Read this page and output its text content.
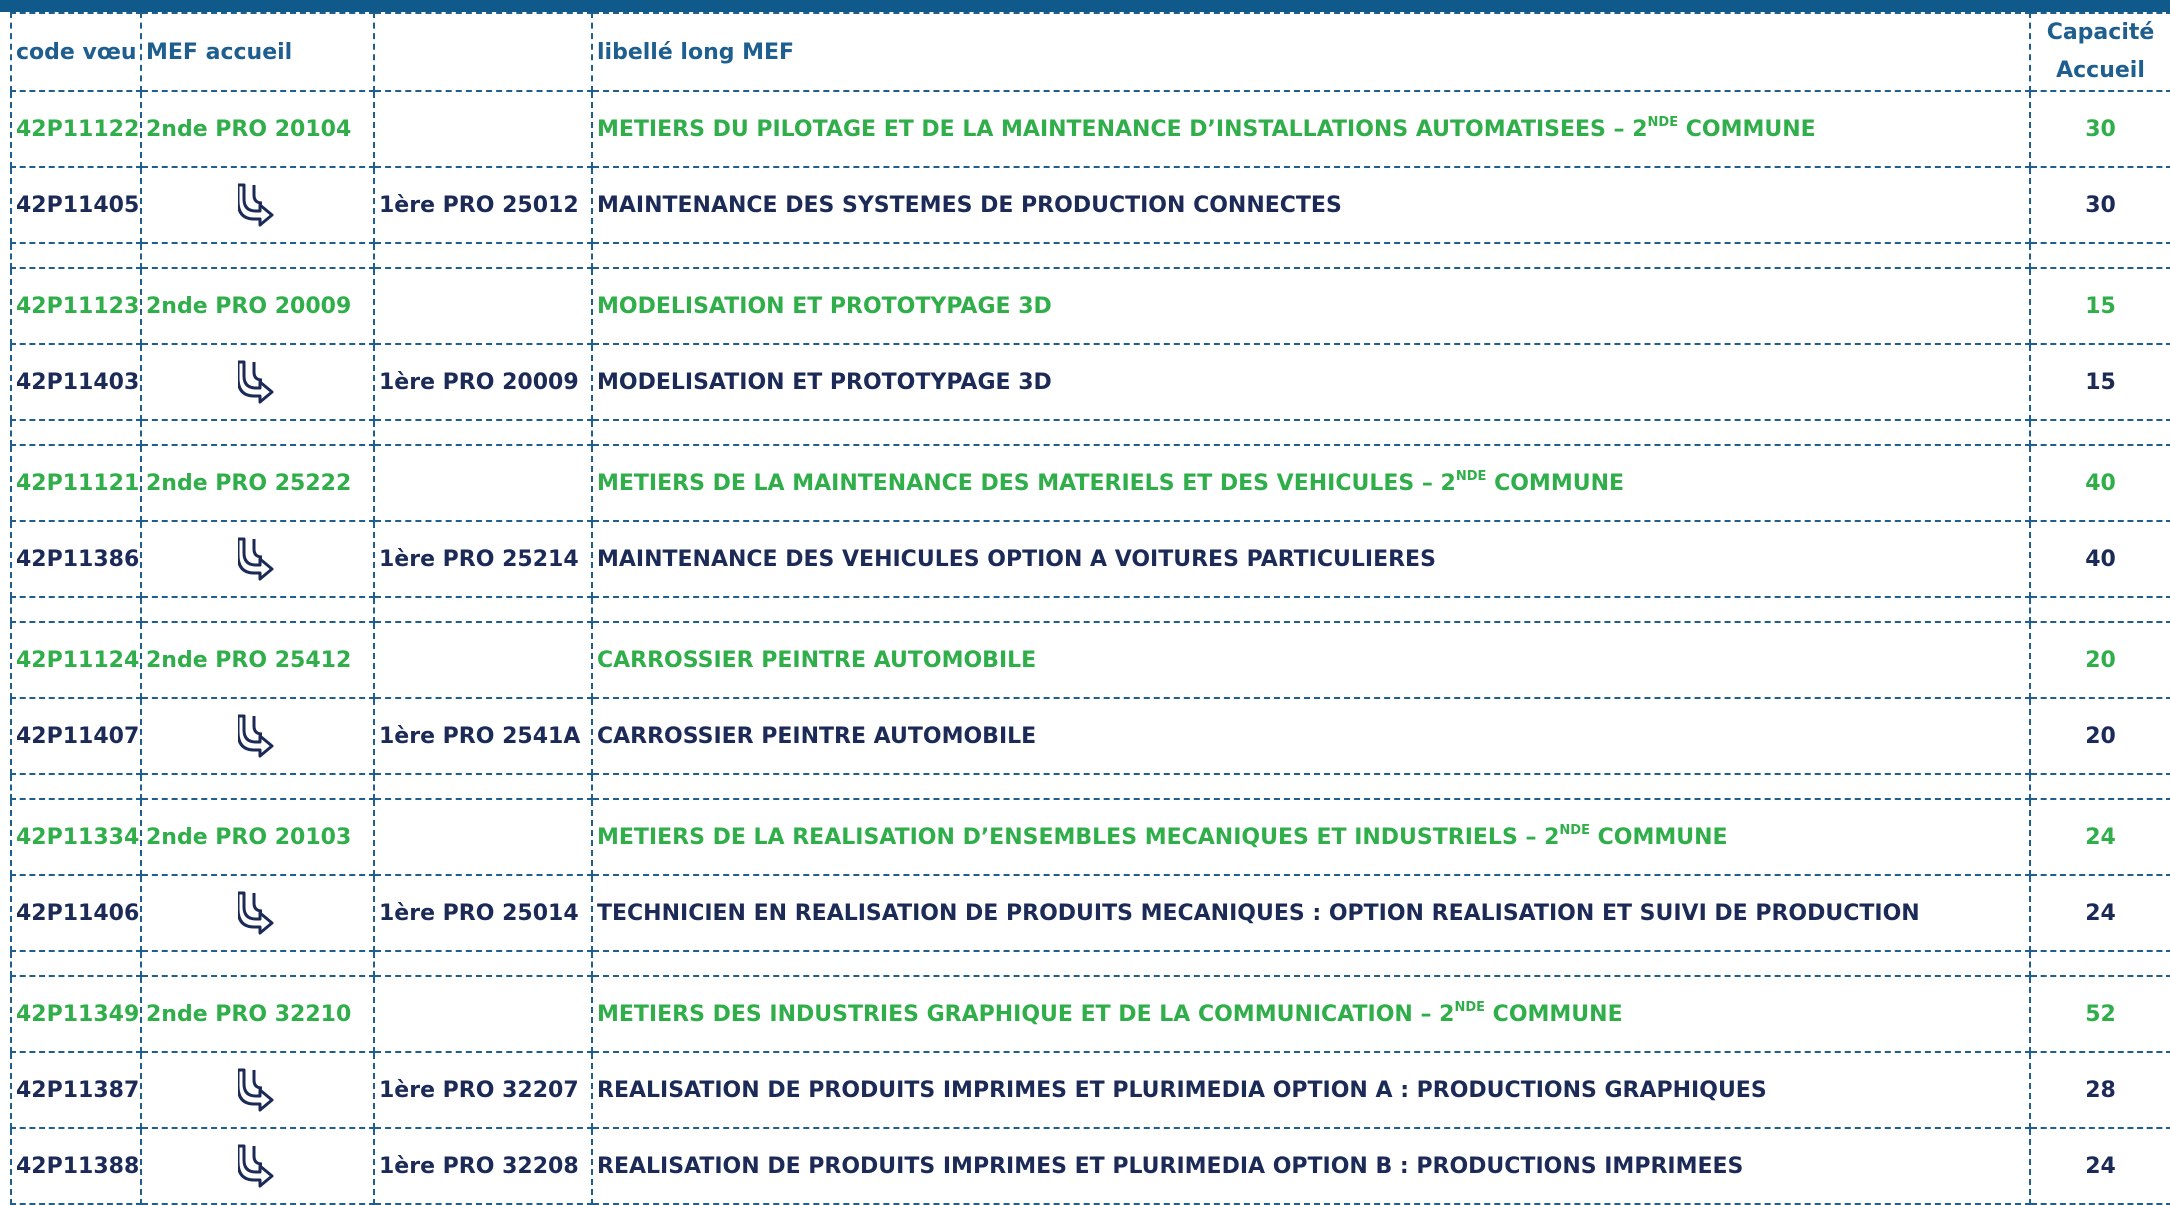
code vœu	MEF accueil		libellé long MEF	Capacité
Accueil
42P11122	2nde PRO 20104		METIERS DU PILOTAGE ET DE LA MAINTENANCE D’INSTALLATIONS AUTOMATISEES – 2NDE COMMUNE	30
42P11405		1ère PRO 25012	MAINTENANCE DES SYSTEMES DE PRODUCTION CONNECTES	30

42P11123	2nde PRO 20009		MODELISATION ET PROTOTYPAGE 3D	15
42P11403		1ère PRO 20009	MODELISATION ET PROTOTYPAGE 3D	15

42P11121	2nde PRO 25222		METIERS DE LA MAINTENANCE DES MATERIELS ET DES VEHICULES – 2NDE COMMUNE	40
42P11386		1ère PRO 25214	MAINTENANCE DES VEHICULES OPTION A VOITURES PARTICULIERES	40

42P11124	2nde PRO 25412		CARROSSIER PEINTRE AUTOMOBILE	20
42P11407		1ère PRO 2541A	CARROSSIER PEINTRE AUTOMOBILE	20

42P11334	2nde PRO 20103		METIERS DE LA REALISATION D’ENSEMBLES MECANIQUES ET INDUSTRIELS – 2NDE COMMUNE	24
42P11406		1ère PRO 25014	TECHNICIEN EN REALISATION DE PRODUITS MECANIQUES : OPTION REALISATION ET SUIVI DE PRODUCTION	24

42P11349	2nde PRO 32210		METIERS DES INDUSTRIES GRAPHIQUE ET DE LA COMMUNICATION – 2NDE COMMUNE	52
42P11387		1ère PRO 32207	REALISATION DE PRODUITS IMPRIMES ET PLURIMEDIA OPTION A : PRODUCTIONS GRAPHIQUES	28
42P11388		1ère PRO 32208	REALISATION DE PRODUITS IMPRIMES ET PLURIMEDIA OPTION B : PRODUCTIONS IMPRIMEES	24
